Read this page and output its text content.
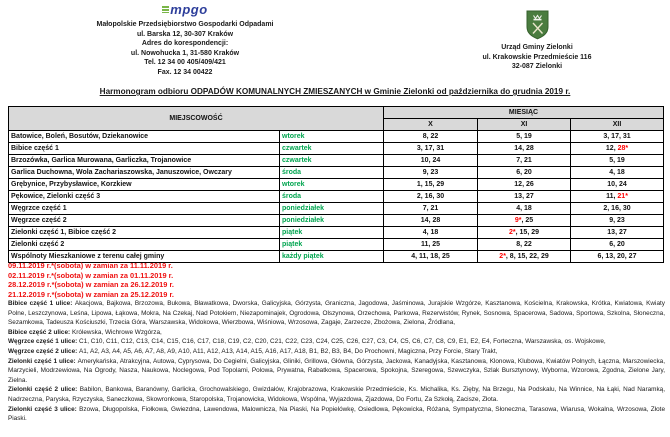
mpgo
Małopolskie Przedsiębiorstwo Gospodarki Odpadami
ul. Barska 12, 30-307 Kraków
Adres do korespondencji:
ul. Nowohucka 1, 31-580 Kraków
Tel. 12 34 00 405/409/421
Fax. 12 34 00422
Urząd Gminy Zielonki
ul. Krakowskie Przedmieście 116
32-087 Zielonki
Harmonogram odbioru ODPADÓW KOMUNALNYCH ZMIESZANYCH w Gminie Zielonki od października do grudnia 2019 r.
MIEJSCOWOŚĆ		MIESIĄC		
		X	XI	XII
Batowice, Boleń, Bosutów, Dziekanowice	wtorek	8, 22	5, 19	3, 17, 31
Bibice część 1	czwartek	3, 17, 31	14, 28	12, 28*
Brzozówka, Garlica Murowana, Garliczka, Trojanowice	czwartek	10, 24	7, 21	5, 19
Garlica Duchowna, Wola Zachariaszowska, Januszowice, Owczary	środa	9, 23	6, 20	4, 18
Grębynice, Przybysławice, Korzkiew	wtorek	1, 15, 29	12, 26	10, 24
Pękowice, Zielonki część 3	środa	2, 16, 30	13, 27	11, 21*
Węgrzce część 1	poniedziałek	7, 21	4, 18	2, 16, 30
Węgrzce część 2	poniedziałek	14, 28	9*, 25	9, 23
Zielonki część 1, Bibice część 2	piątek	4, 18	2*, 15, 29	13, 27
Zielonki część 2	piątek	11, 25	8, 22	6, 20
Wspólnoty Mieszkaniowe z terenu całej gminy	każdy piątek	4, 11, 18, 25	2*, 8, 15, 22, 29	6, 13, 20, 27
09.11.2019 r.*(sobota) w zamian za 11.11.2019 r.
02.11.2019 r.*(sobota) w zamian za 01.11.2019 r.
28.12.2019 r.*(sobota) w zamian za 26.12.2019 r.
21.12.2019 r.*(sobota) w zamian za 25.12.2019 r.
Bibice część 1 ulice: Akacjowa, Bajkowa, Brzozowa, Bukowa, Bławatkowa, Dworska, Galicyjska, Górzysta, Graniczna, Jagodowa, Jaśminowa, Jurajskie Wzgórze, Kasztanowa, Kościelna, Krakowska, Krótka, Kwiatowa, Kwiaty Polne, Leszczynowa, Leśna, Lipowa, Łąkowa, Mokra, Na Czekaj, Nad Potokiem, Niezapominajek, Ogrodowa, Olszynowa, Orzechowa, Parkowa, Rezerwistów, Rynek, Sosnowa, Spacerowa, Sadowa, Sportowa, Szkolna, Słoneczna, Sezamkowa, Tadeusza Kościuszki, Trzecia Góra, Warszawska, Widokowa, Wierzbowa, Wiśniowa, Wrzosowa, Zagaje, Zarzecze, Zbożowa, Zielona, Źródlana,
Bibice część 2 ulice: Królewska, Wichrowe Wzgórza,
Węgrzce część 1 ulice: C1, C10, C11, C12, C13, C14, C15, C16, C17, C18, C19, C2, C20, C21, C22, C23, C24, C25, C26, C27, C3, C4, C5, C6, C7, C8, C9, E1, E2, E4, Forteczna, Warszawska, os. Wojskowe,
Węgrzce część 2 ulice: A1, A2, A3, A4, A5, A6, A7, A8, A9, A10, A11, A12, A13, A14, A15, A16, A17, A18, B1, B2, B3, B4, Do Prochowni, Magiczna, Przy Forcie, Stary Trakt,
Zielonki część 1 ulice: Amerykańska, Atrakcyjna, Autowa, Cyprysowa, Do Cegielni, Galicyjska, Gliniki, Grillowa, Główna, Górzysta, Jackowa, Kanadyjska, Kasztanowa, Klonowa, Klubowa, Kwiatów Polnych, Łączna, Marszowiecka, Marzycieli, Modrzewiowa, Na Ogrody, Nasza, Naukowa, Noclegowa, Pod Topolami, Polowa, Prywatna, Rabatkowa, Spacerowa, Spokojna, Szeregowa, Szewczyka, Szlak Bursztynowy, Wyborna, Wzorowa, Zgodna, Zielone Jary, Zielna.
Zielonki część 2 ulice: Babilon, Bankowa, Baranówny, Garlicka, Grochowalskiego, Gwizdałów, Krajobrazowa, Krakowskie Przedmieście, Ks. Michalika, Ks. Zięby, Na Brzegu, Na Podskalu, Na Winnice, Na Łąki, Nad Naramką, Nadrzeczna, Paryska, Rzyczyska, Saneczkowa, Skowronkowa, Staropolska, Trojanowicka, Widokowa, Wspólna, Wyjazdowa, Zjazdowa, Do Fortu, Za Szkołą, Zacisze, Złota.
Zielonki część 3 ulice: Bzowa, Długopolska, Fiołkowa, Gwiezdna, Lawendowa, Malownicza, Na Piaski, Na Popielówkę, Osiedlowa, Pękowicka, Różana, Sympatyczna, Słoneczna, Tarasowa, Wiarusa, Wokalna, Wrzosowa, Złote Piaski.
